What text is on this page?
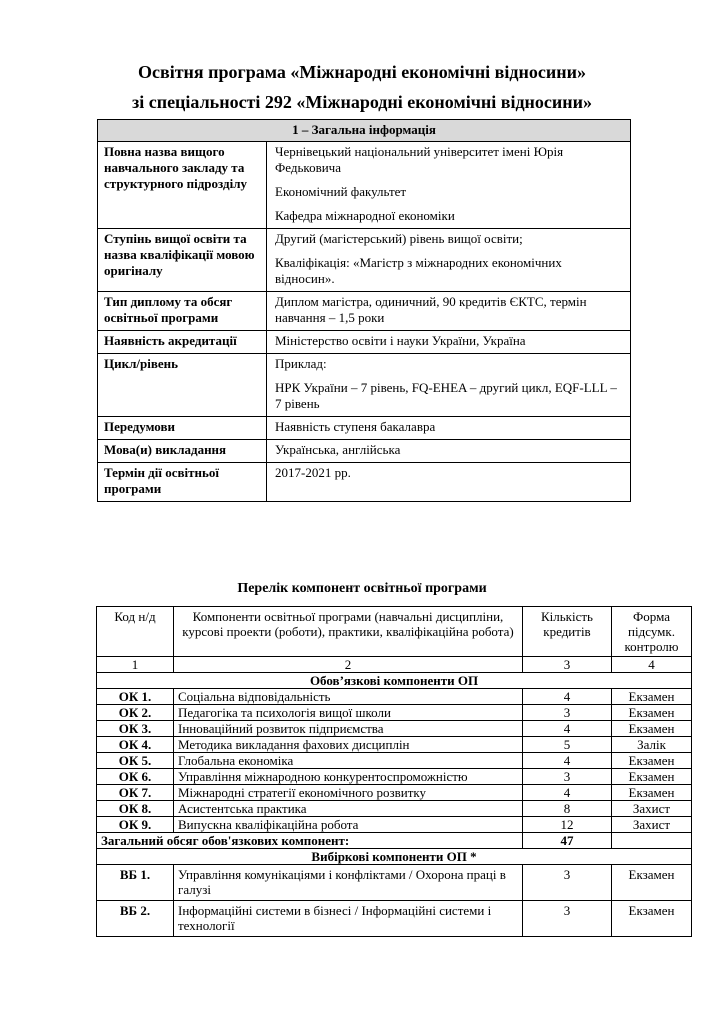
Освітня програма «Міжнародні економічні відносини»
зі спеціальності 292 «Міжнародні економічні відносини»
1 – Загальна інформація	
Повна назва вищого навчального закладу та структурного підрозділу	Чернівецький національний університет імені Юрія Федьковича

Економічний факультет

Кафедра міжнародної економіки

Ступінь вищої освіти та назва кваліфікації мовою оригіналу	Другий (магістерський) рівень вищої освіти;

Кваліфікація: «Магістр з міжнародних економічних відносин».

Тип диплому та обсяг освітньої програми	Диплом магістра, одиничний, 90 кредитів ЄКТС, термін навчання – 1,5 роки

Наявність акредитації	Міністерство освіти і науки України, Україна

Цикл/рівень	Приклад:

НРК України – 7 рівень, FQ-EHEA – другий цикл, EQF-LLL – 7 рівень

Передумови	Наявність ступеня бакалавра

Мова(и) викладання	Українська, англійська

Термін дії освітньої програми	2017-2021 рр.

Перелік компонент освітньої програми
Код н/д	Компоненти освітньої програми (навчальні дисципліни, курсові проекти (роботи), практики, кваліфікаційна робота)	Кількість кредитів	Форма підсумк. контролю
1	2	3	4
Обов’язкові компоненти ОП			
ОК 1.	Соціальна відповідальність	4	Екзамен
ОК 2.	Педагогіка та психологія вищої школи	3	Екзамен
ОК 3.	Інноваційний розвиток підприємства	4	Екзамен
ОК 4.	Методика викладання фахових дисциплін	5	Залік
ОК 5.	Глобальна економіка	4	Екзамен
ОК 6.	Управління міжнародною конкурентоспроможністю	3	Екзамен
ОК 7.	Міжнародні стратегії економічного розвитку	4	Екзамен
ОК 8.	Асистентська практика	8	Захист
ОК 9.	Випускна кваліфікаційна робота	12	Захист
Загальний обсяг обов'язкових компонент:		47	
Вибіркові компоненти ОП *			
ВБ 1.	Управління комунікаціями і конфліктами / Охорона праці в галузі	3	Екзамен
ВБ 2.	Інформаційні системи в бізнесі / Інформаційні системи і технології	3	Екзамен
